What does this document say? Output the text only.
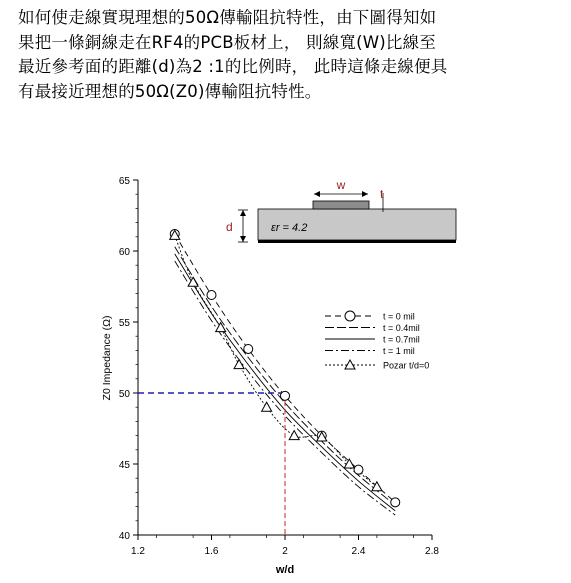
如何使走線實現理想的50Ω傳輸阻抗特性，由下圖得知如
果把一條銅線走在RF4的PCB板材上， 則線寬(W)比線至
最近參考面的距離(d)為2 :1的比例時， 此時這條走線便具
有最接近理想的50Ω(Z0)傳輸阻抗特性。
40
45
50
55
60
65
1.2	1.6	2	2.4	2.8
w
t
d	εr = 4.2
t = 0 mil
t = 0.4mil
t = 0.7mil
t = 1 mil
Pozar t/d=0
w/d
Z0 Impedance (Ω)
